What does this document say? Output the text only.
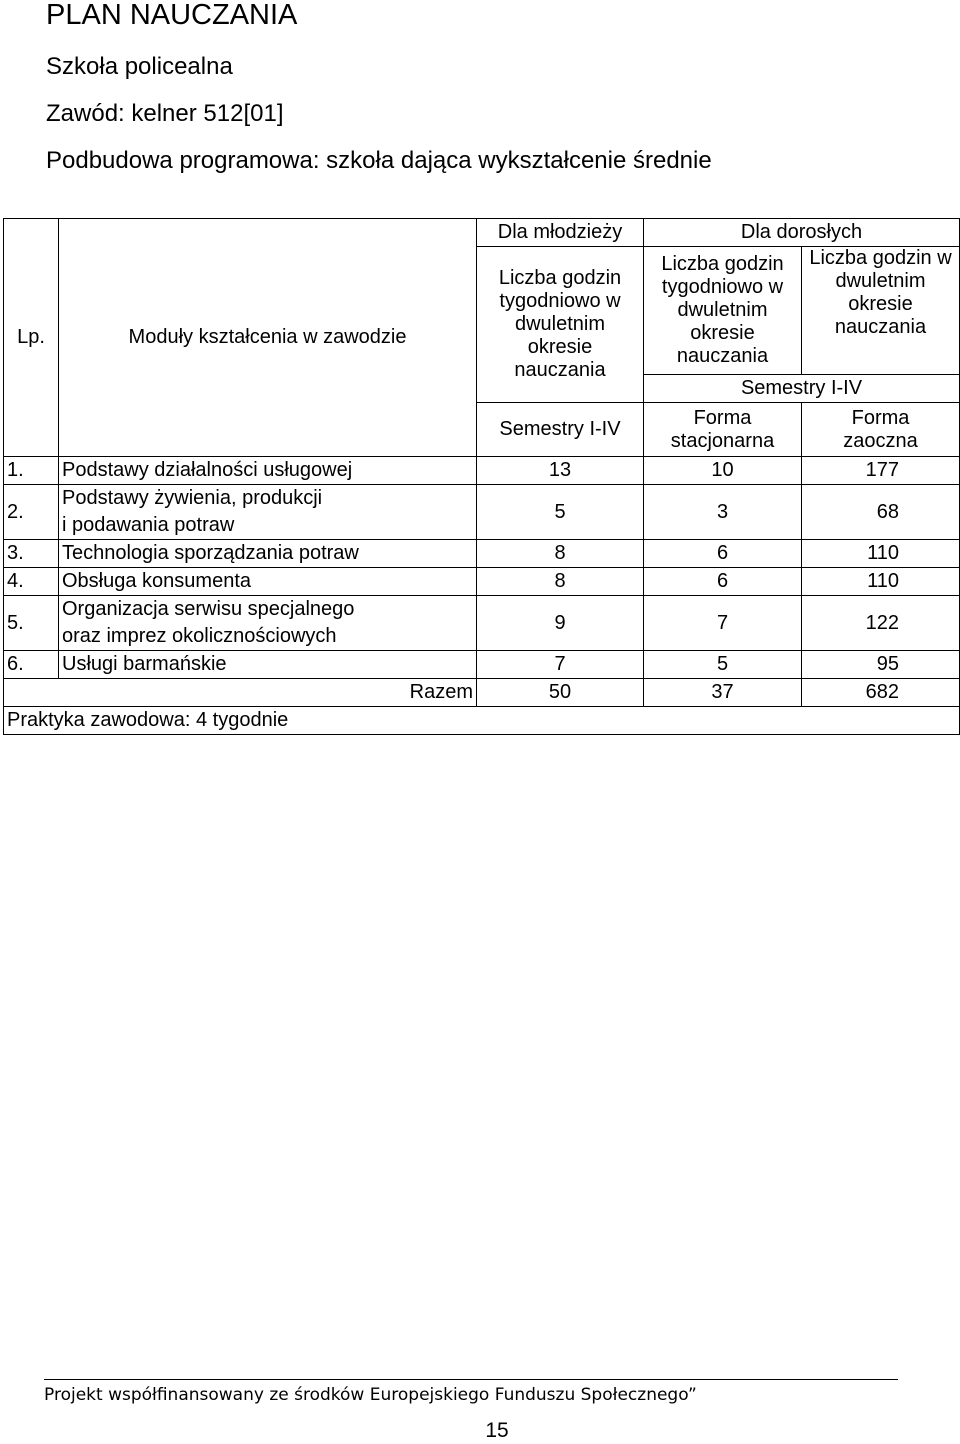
PLAN NAUCZANIA

Szkoła policealna

Zawód: kelner 512[01]

Podbudowa programowa: szkoła dająca wykształcenie średnie

Lp.	Moduły kształcenia w zawodzie	Dla młodzieży	Dla dorosłych	
		Liczba godzin tygodniowo w dwuletnim okresie nauczania	Liczba godzin tygodniowo w dwuletnim okresie nauczania	Liczba godzin w dwuletnim okresie nauczania
			Semestry I-IV	
		Semestry I-IV	Forma stacjonarna	Forma zaoczna
1.	Podstawy działalności usługowej	13	10	177
2.	Podstawy żywienia, produkcji
i podawania potraw	5	3	68
3.	Technologia sporządzania potraw	8	6	110
4.	Obsługa konsumenta	8	6	110
5.	Organizacja serwisu specjalnego
oraz imprez okolicznościowych	9	7	122
6.	Usługi barmańskie	7	5	95
Razem		50	37	682
Praktyka zawodowa: 4 tygodnie				
Projekt współfinansowany ze środków Europejskiego Funduszu Społecznego”
15
